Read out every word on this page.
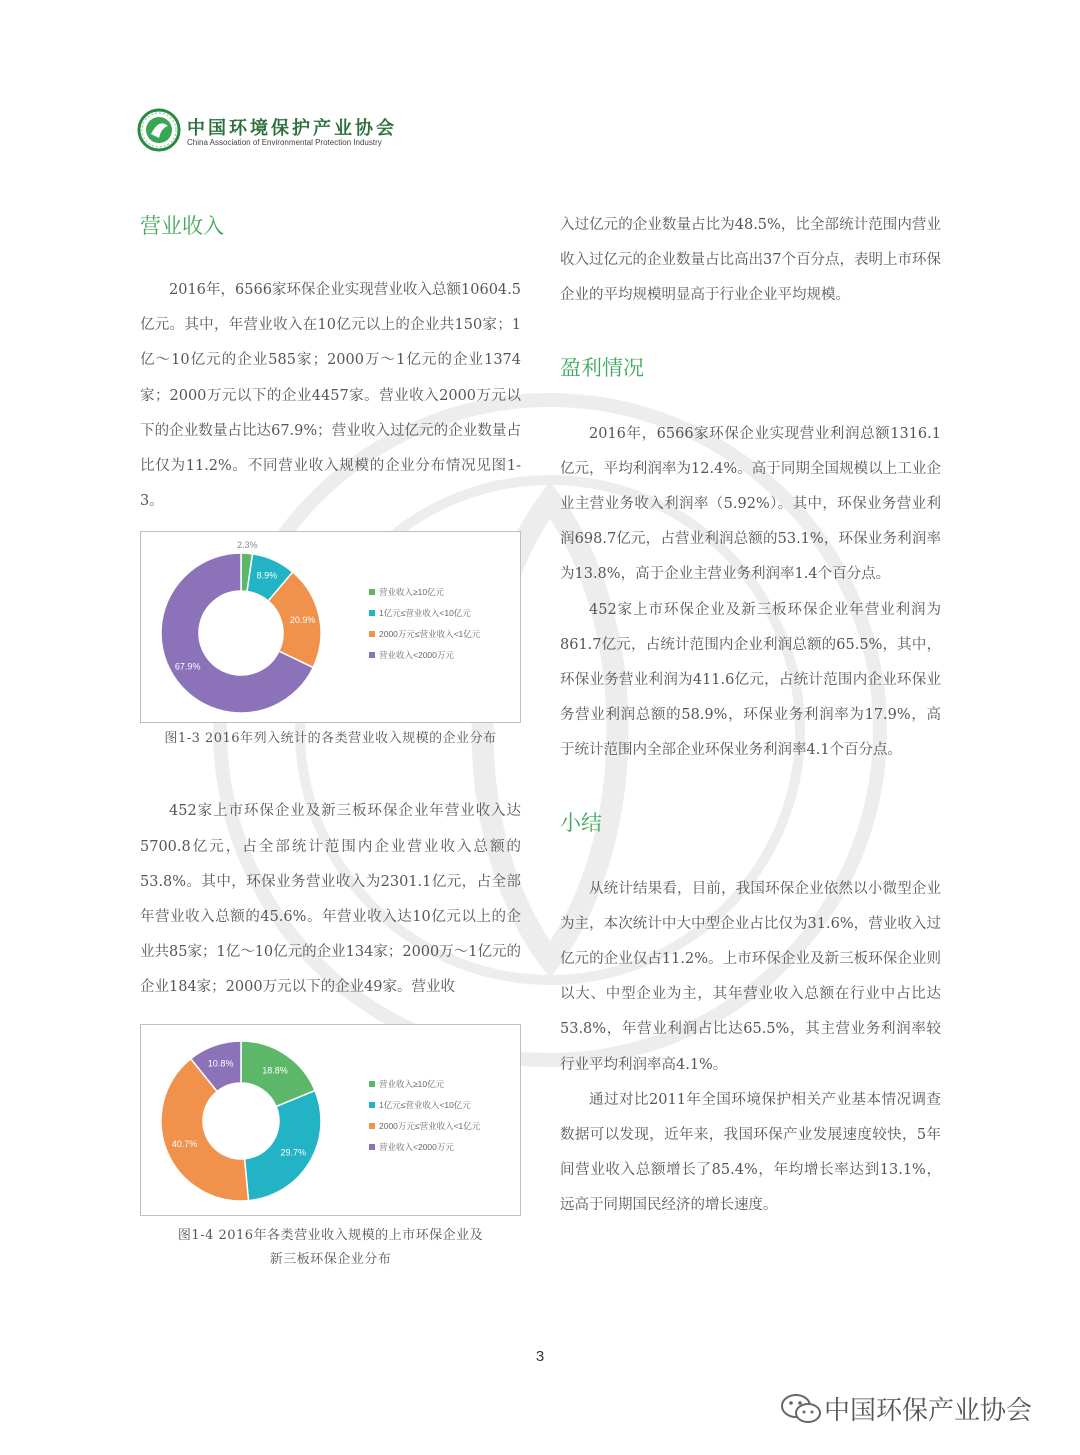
中国环境保护产业协会
China Association of Environmental Protection Industry
营业收入

2016年，6566家环保企业实现营业收入总额10604.5亿元。其中，年营业收入在10亿元以上的企业共150家；1亿～10亿元的企业585家；2000万～1亿元的企业1374家；2000万元以下的企业4457家。营业收入2000万元以下的企业数量占比达67.9%；营业收入过亿元的企业数量占比仅为11.2%。不同营业收入规模的企业分布情况见图1-3。

2.3%
8.9%
20.9%
67.9%
营业收入≥10亿元
1亿元≤营业收入<10亿元
2000万元≤营业收入<1亿元
营业收入<2000万元
图1-3 2016年列入统计的各类营业收入规模的企业分布

452家上市环保企业及新三板环保企业年营业收入达5700.8亿元，占全部统计范围内企业营业收入总额的53.8%。其中，环保业务营业收入为2301.1亿元，占全部年营业收入总额的45.6%。年营业收入达10亿元以上的企业共85家；1亿～10亿元的企业134家；2000万～1亿元的企业184家；2000万元以下的企业49家。营业收

18.8%
29.7%
40.7%
10.8%
营业收入≥10亿元
1亿元≤营业收入<10亿元
2000万元≤营业收入<1亿元
营业收入<2000万元
图1-4 2016年各类营业收入规模的上市环保企业及
新三板环保企业分布

入过亿元的企业数量占比为48.5%，比全部统计范围内营业收入过亿元的企业数量占比高出37个百分点，表明上市环保企业的平均规模明显高于行业企业平均规模。

盈利情况

2016年，6566家环保企业实现营业利润总额1316.1亿元，平均利润率为12.4%。高于同期全国规模以上工业企业主营业务收入利润率（5.92%）。其中，环保业务营业利润698.7亿元，占营业利润总额的53.1%，环保业务利润率为13.8%，高于企业主营业务利润率1.4个百分点。

452家上市环保企业及新三板环保企业年营业利润为861.7亿元，占统计范围内企业利润总额的65.5%，其中，环保业务营业利润为411.6亿元，占统计范围内企业环保业务营业利润总额的58.9%，环保业务利润率为17.9%，高于统计范围内全部企业环保业务利润率4.1个百分点。

小结

从统计结果看，目前，我国环保企业依然以小微型企业为主，本次统计中大中型企业占比仅为31.6%，营业收入过亿元的企业仅占11.2%。上市环保企业及新三板环保企业则以大、中型企业为主，其年营业收入总额在行业中占比达53.8%，年营业利润占比达65.5%，其主营业务利润率较行业平均利润率高4.1%。

通过对比2011年全国环境保护相关产业基本情况调查数据可以发现，近年来，我国环保产业发展速度较快，5年间营业收入总额增长了85.4%，年均增长率达到13.1%，远高于同期国民经济的增长速度。

3
中国环保产业协会
